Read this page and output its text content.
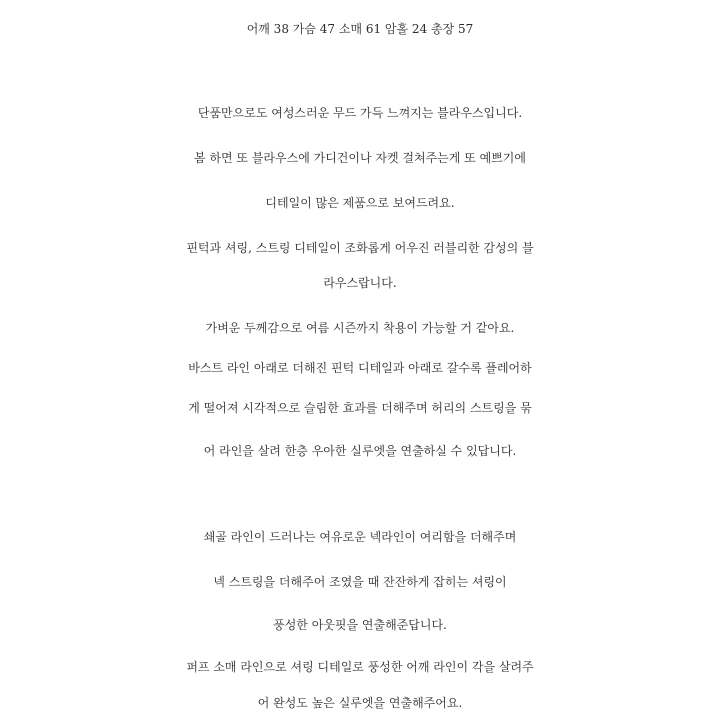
어깨 38 가슴 47 소매 61 암홀 24 총장 57
단품만으로도 여성스러운 무드 가득 느껴지는 블라우스입니다.
봄 하면 또 블라우스에 가디건이나 자켓 걸쳐주는게 또 예쁘기에
디테일이 많은 제품으로 보여드려요.
핀턱과 셔링, 스트링 디테일이 조화롭게 어우진 러블리한 감성의 블
라우스랍니다.
가벼운 두께감으로 여름 시즌까지 착용이 가능할 거 같아요.
바스트 라인 아래로 더해진 핀턱 디테일과 아래로 갈수록 플레어하
게 떨어져 시각적으로 슬림한 효과를 더해주며 허리의 스트링을 묶
어 라인을 살려 한층 우아한 실루엣을 연출하실 수 있답니다.
쇄골 라인이 드러나는 여유로운 넥라인이 여리함을 더해주며
넥 스트링을 더해주어 조였을 때 잔잔하게 잡히는 셔링이
풍성한 아웃핏을 연출해준답니다.
퍼프 소매 라인으로 셔링 디테일로 풍성한 어깨 라인이 각을 살려주
어 완성도 높은 실루엣을 연출해주어요.
